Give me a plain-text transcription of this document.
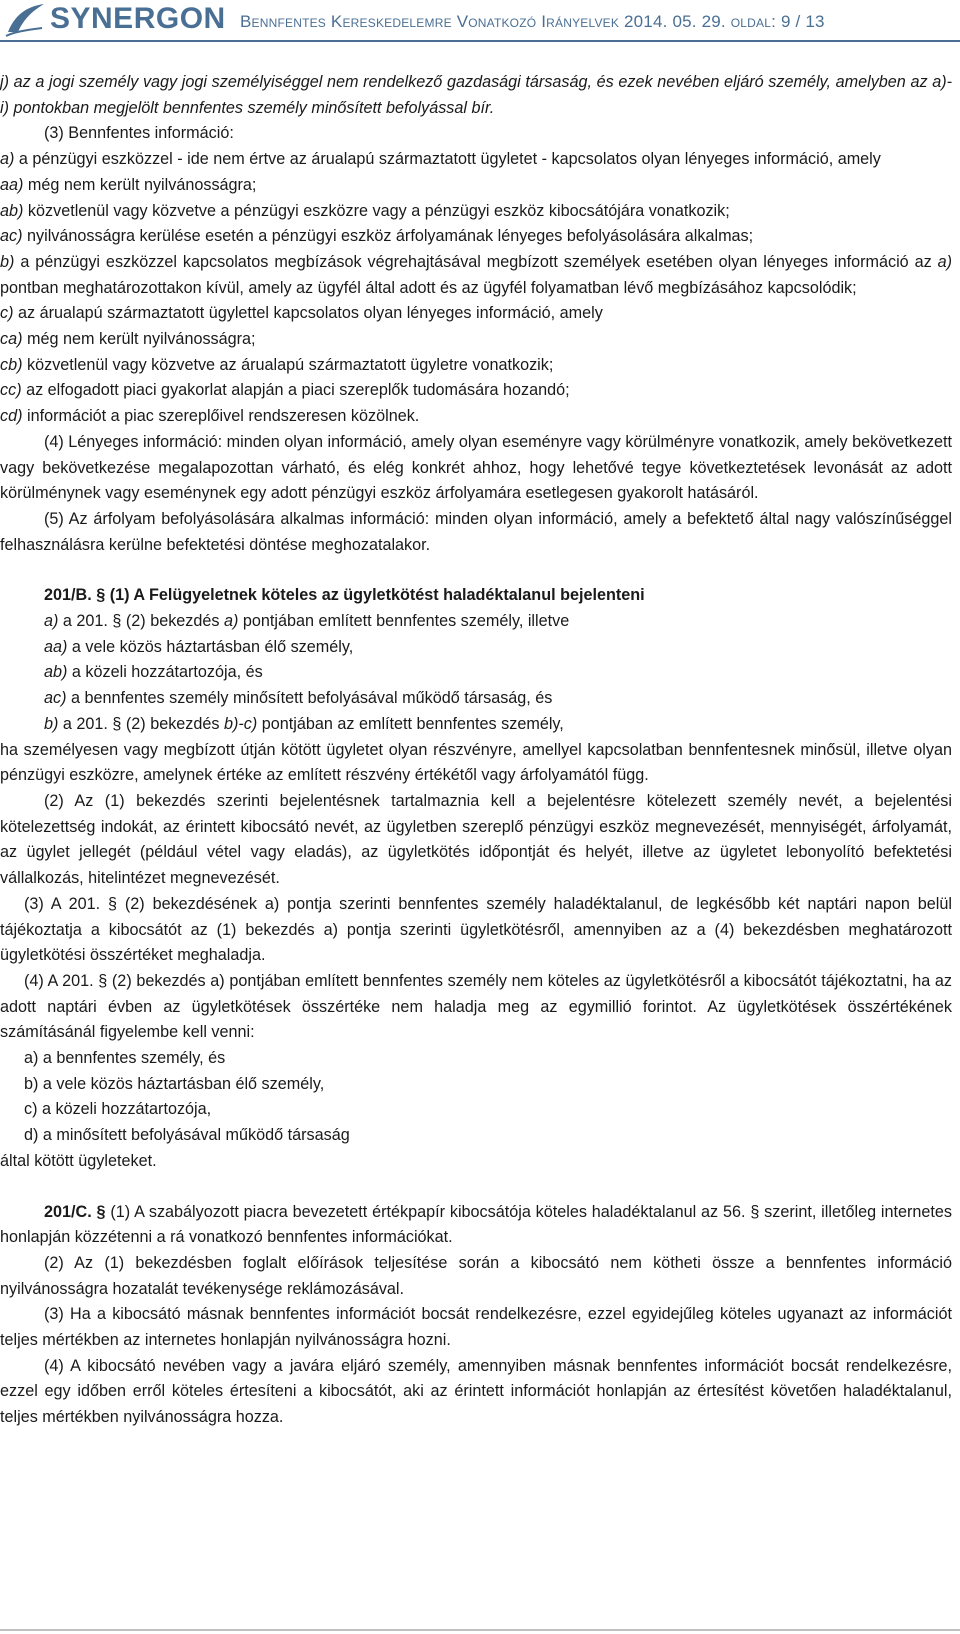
SYNERGON Bennfentes Kereskedelemre Vonatkozó Irányelvek 2014. 05. 29. oldal: 9 / 13

j) az a jogi személy vagy jogi személyiséggel nem rendelkező gazdasági társaság, és ezek nevében eljáró személy, amelyben az a)-i) pontokban megjelölt bennfentes személy minősített befolyással bír.

(3) Bennfentes információ:

a) a pénzügyi eszközzel - ide nem értve az árualapú származtatott ügyletet - kapcsolatos olyan lényeges információ, amely

aa) még nem került nyilvánosságra;

ab) közvetlenül vagy közvetve a pénzügyi eszközre vagy a pénzügyi eszköz kibocsátójára vonatkozik;

ac) nyilvánosságra kerülése esetén a pénzügyi eszköz árfolyamának lényeges befolyásolására alkalmas;

b) a pénzügyi eszközzel kapcsolatos megbízások végrehajtásával megbízott személyek esetében olyan lényeges információ az a) pontban meghatározottakon kívül, amely az ügyfél által adott és az ügyfél folyamatban lévő megbízásához kapcsolódik;

c) az árualapú származtatott ügylettel kapcsolatos olyan lényeges információ, amely

ca) még nem került nyilvánosságra;

cb) közvetlenül vagy közvetve az árualapú származtatott ügyletre vonatkozik;

cc) az elfogadott piaci gyakorlat alapján a piaci szereplők tudomására hozandó;

cd) információt a piac szereplőivel rendszeresen közölnek.

(4) Lényeges információ: minden olyan információ, amely olyan eseményre vagy körülményre vonatkozik, amely bekövetkezett vagy bekövetkezése megalapozottan várható, és elég konkrét ahhoz, hogy lehetővé tegye következtetések levonását az adott körülménynek vagy eseménynek egy adott pénzügyi eszköz árfolyamára esetlegesen gyakorolt hatásáról.

(5) Az árfolyam befolyásolására alkalmas információ: minden olyan információ, amely a befektető által nagy valószínűséggel felhasználásra kerülne befektetési döntése meghozatalakor.

201/B. § (1) A Felügyeletnek köteles az ügyletkötést haladéktalanul bejelenteni

a) a 201. § (2) bekezdés a) pontjában említett bennfentes személy, illetve

aa) a vele közös háztartásban élő személy,

ab) a közeli hozzátartozója, és

ac) a bennfentes személy minősített befolyásával működő társaság, és

b) a 201. § (2) bekezdés b)-c) pontjában az említett bennfentes személy,

ha személyesen vagy megbízott útján kötött ügyletet olyan részvényre, amellyel kapcsolatban bennfentesnek minősül, illetve olyan pénzügyi eszközre, amelynek értéke az említett részvény értékétől vagy árfolyamától függ.

(2) Az (1) bekezdés szerinti bejelentésnek tartalmaznia kell a bejelentésre kötelezett személy nevét, a bejelentési kötelezettség indokát, az érintett kibocsátó nevét, az ügyletben szereplő pénzügyi eszköz megnevezését, mennyiségét, árfolyamát, az ügylet jellegét (például vétel vagy eladás), az ügyletkötés időpontját és helyét, illetve az ügyletet lebonyolító befektetési vállalkozás, hitelintézet megnevezését.

(3) A 201. § (2) bekezdésének a) pontja szerinti bennfentes személy haladéktalanul, de legkésőbb két naptári napon belül tájékoztatja a kibocsátót az (1) bekezdés a) pontja szerinti ügyletkötésről, amennyiben az a (4) bekezdésben meghatározott ügyletkötési összértéket meghaladja.

(4) A 201. § (2) bekezdés a) pontjában említett bennfentes személy nem köteles az ügyletkötésről a kibocsátót tájékoztatni, ha az adott naptári évben az ügyletkötések összértéke nem haladja meg az egymillió forintot. Az ügyletkötések összértékének számításánál figyelembe kell venni:

a) a bennfentes személy, és

b) a vele közös háztartásban élő személy,

c) a közeli hozzátartozója,

d) a minősített befolyásával működő társaság

által kötött ügyleteket.

201/C. § (1) A szabályozott piacra bevezetett értékpapír kibocsátója köteles haladéktalanul az 56. § szerint, illetőleg internetes honlapján közzétenni a rá vonatkozó bennfentes információkat.

(2) Az (1) bekezdésben foglalt előírások teljesítése során a kibocsátó nem kötheti össze a bennfentes információ nyilvánosságra hozatalát tevékenysége reklámozásával.

(3) Ha a kibocsátó másnak bennfentes információt bocsát rendelkezésre, ezzel egyidejűleg köteles ugyanazt az információt teljes mértékben az internetes honlapján nyilvánosságra hozni.

(4) A kibocsátó nevében vagy a javára eljáró személy, amennyiben másnak bennfentes információt bocsát rendelkezésre, ezzel egy időben erről köteles értesíteni a kibocsátót, aki az érintett információt honlapján az értesítést követően haladéktalanul, teljes mértékben nyilvánosságra hozza.
